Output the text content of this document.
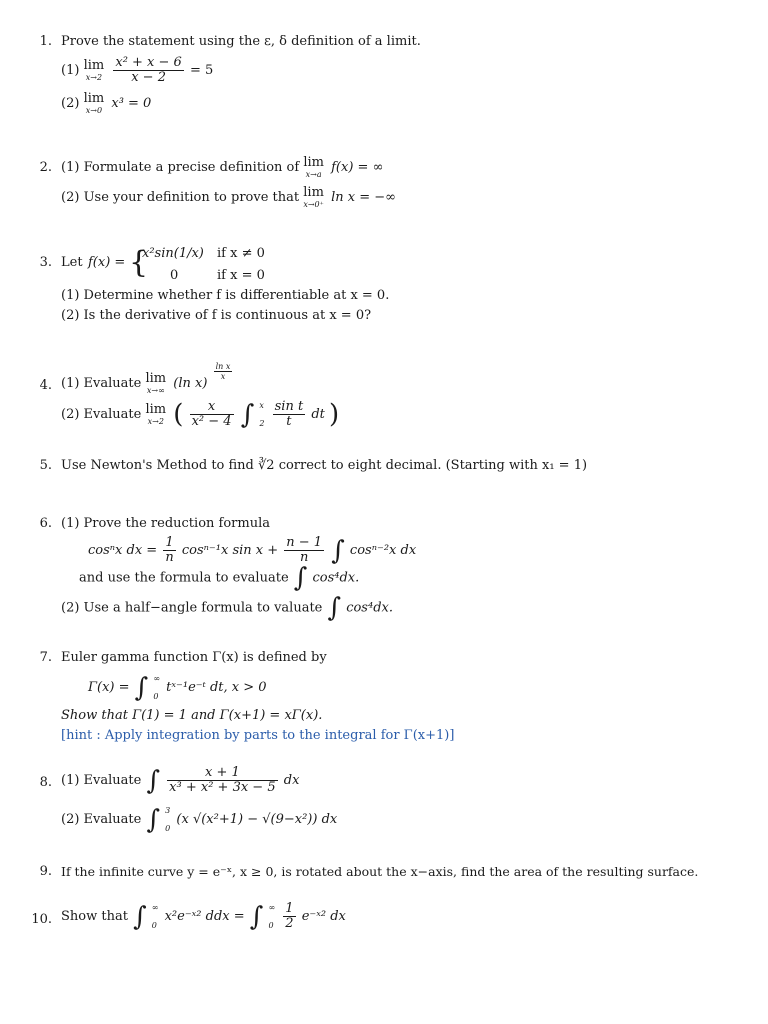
1. Prove the statement using the ε, δ definition of a limit.
(1) lim
x→2
$\frac{\text{x² + x − 6}}{x - 2} = 5$
(2) lim
x→0 x³ = 0
2. (1) Formulate a precise definition of lim
x→a f(x) = ∞
(2) Use your definition to prove that lim
x→0⁺ ln x = −∞
3. Let f(x) = {
x²sin(1/x) if x ≠ 0
0	if x = 0
(1) Determine whether f is differentiable at x = 0.
(2) Is the derivative of f is continuous at x = 0?
4. (1) Evaluate lim
x→∞ (ln x)
$\frac{\text{ln x}}{x}$
(2) Evaluate lim
x→2 ( $\frac{x}{\text{x² − 4}}$ ∫ x

2
$\frac{\text{sin t}}{t}$ dt )
5. Use Newton's Method to find ∛2 correct to eight decimal. (Starting with x₁ = 1)
6. (1) Prove the reduction formula
cosⁿx dx = $\frac{1}{n} \cos^{n-1}x$ $\sin x + \frac{n - 1}{n}$ ∫ cosⁿ⁻²x dx
and use the formula to evaluate ∫ cos⁴dx.
(2) Use a half−angle formula to valuate ∫ cos⁴dx.
7. Euler gamma function Γ(x) is defined by
Γ(x) = ∫ ∞

0
tˣ⁻¹e⁻ᵗ dt, x > 0
Show that Γ(1) = 1 and Γ(x+1) = xΓ(x).
[hint : Apply integration by parts to the integral for Γ(x+1)]
8. (1) Evaluate ∫ $\frac{x + 1}{\text{x³ + x² + 3x − 5}}$ dx
(2) Evaluate ∫ 3

0
(x √(x²+1) − √(9−x²)) dx
9. If the infinite curve y = e⁻ˣ, x ≥ 0, is rotated about the x−axis, find the area of the resulting surface.
10. Show that ∫ ∞

0
x²e⁻ˣ² ddx = ∫ ∞

0
$\frac{1}{2}$ e⁻ˣ² dx
